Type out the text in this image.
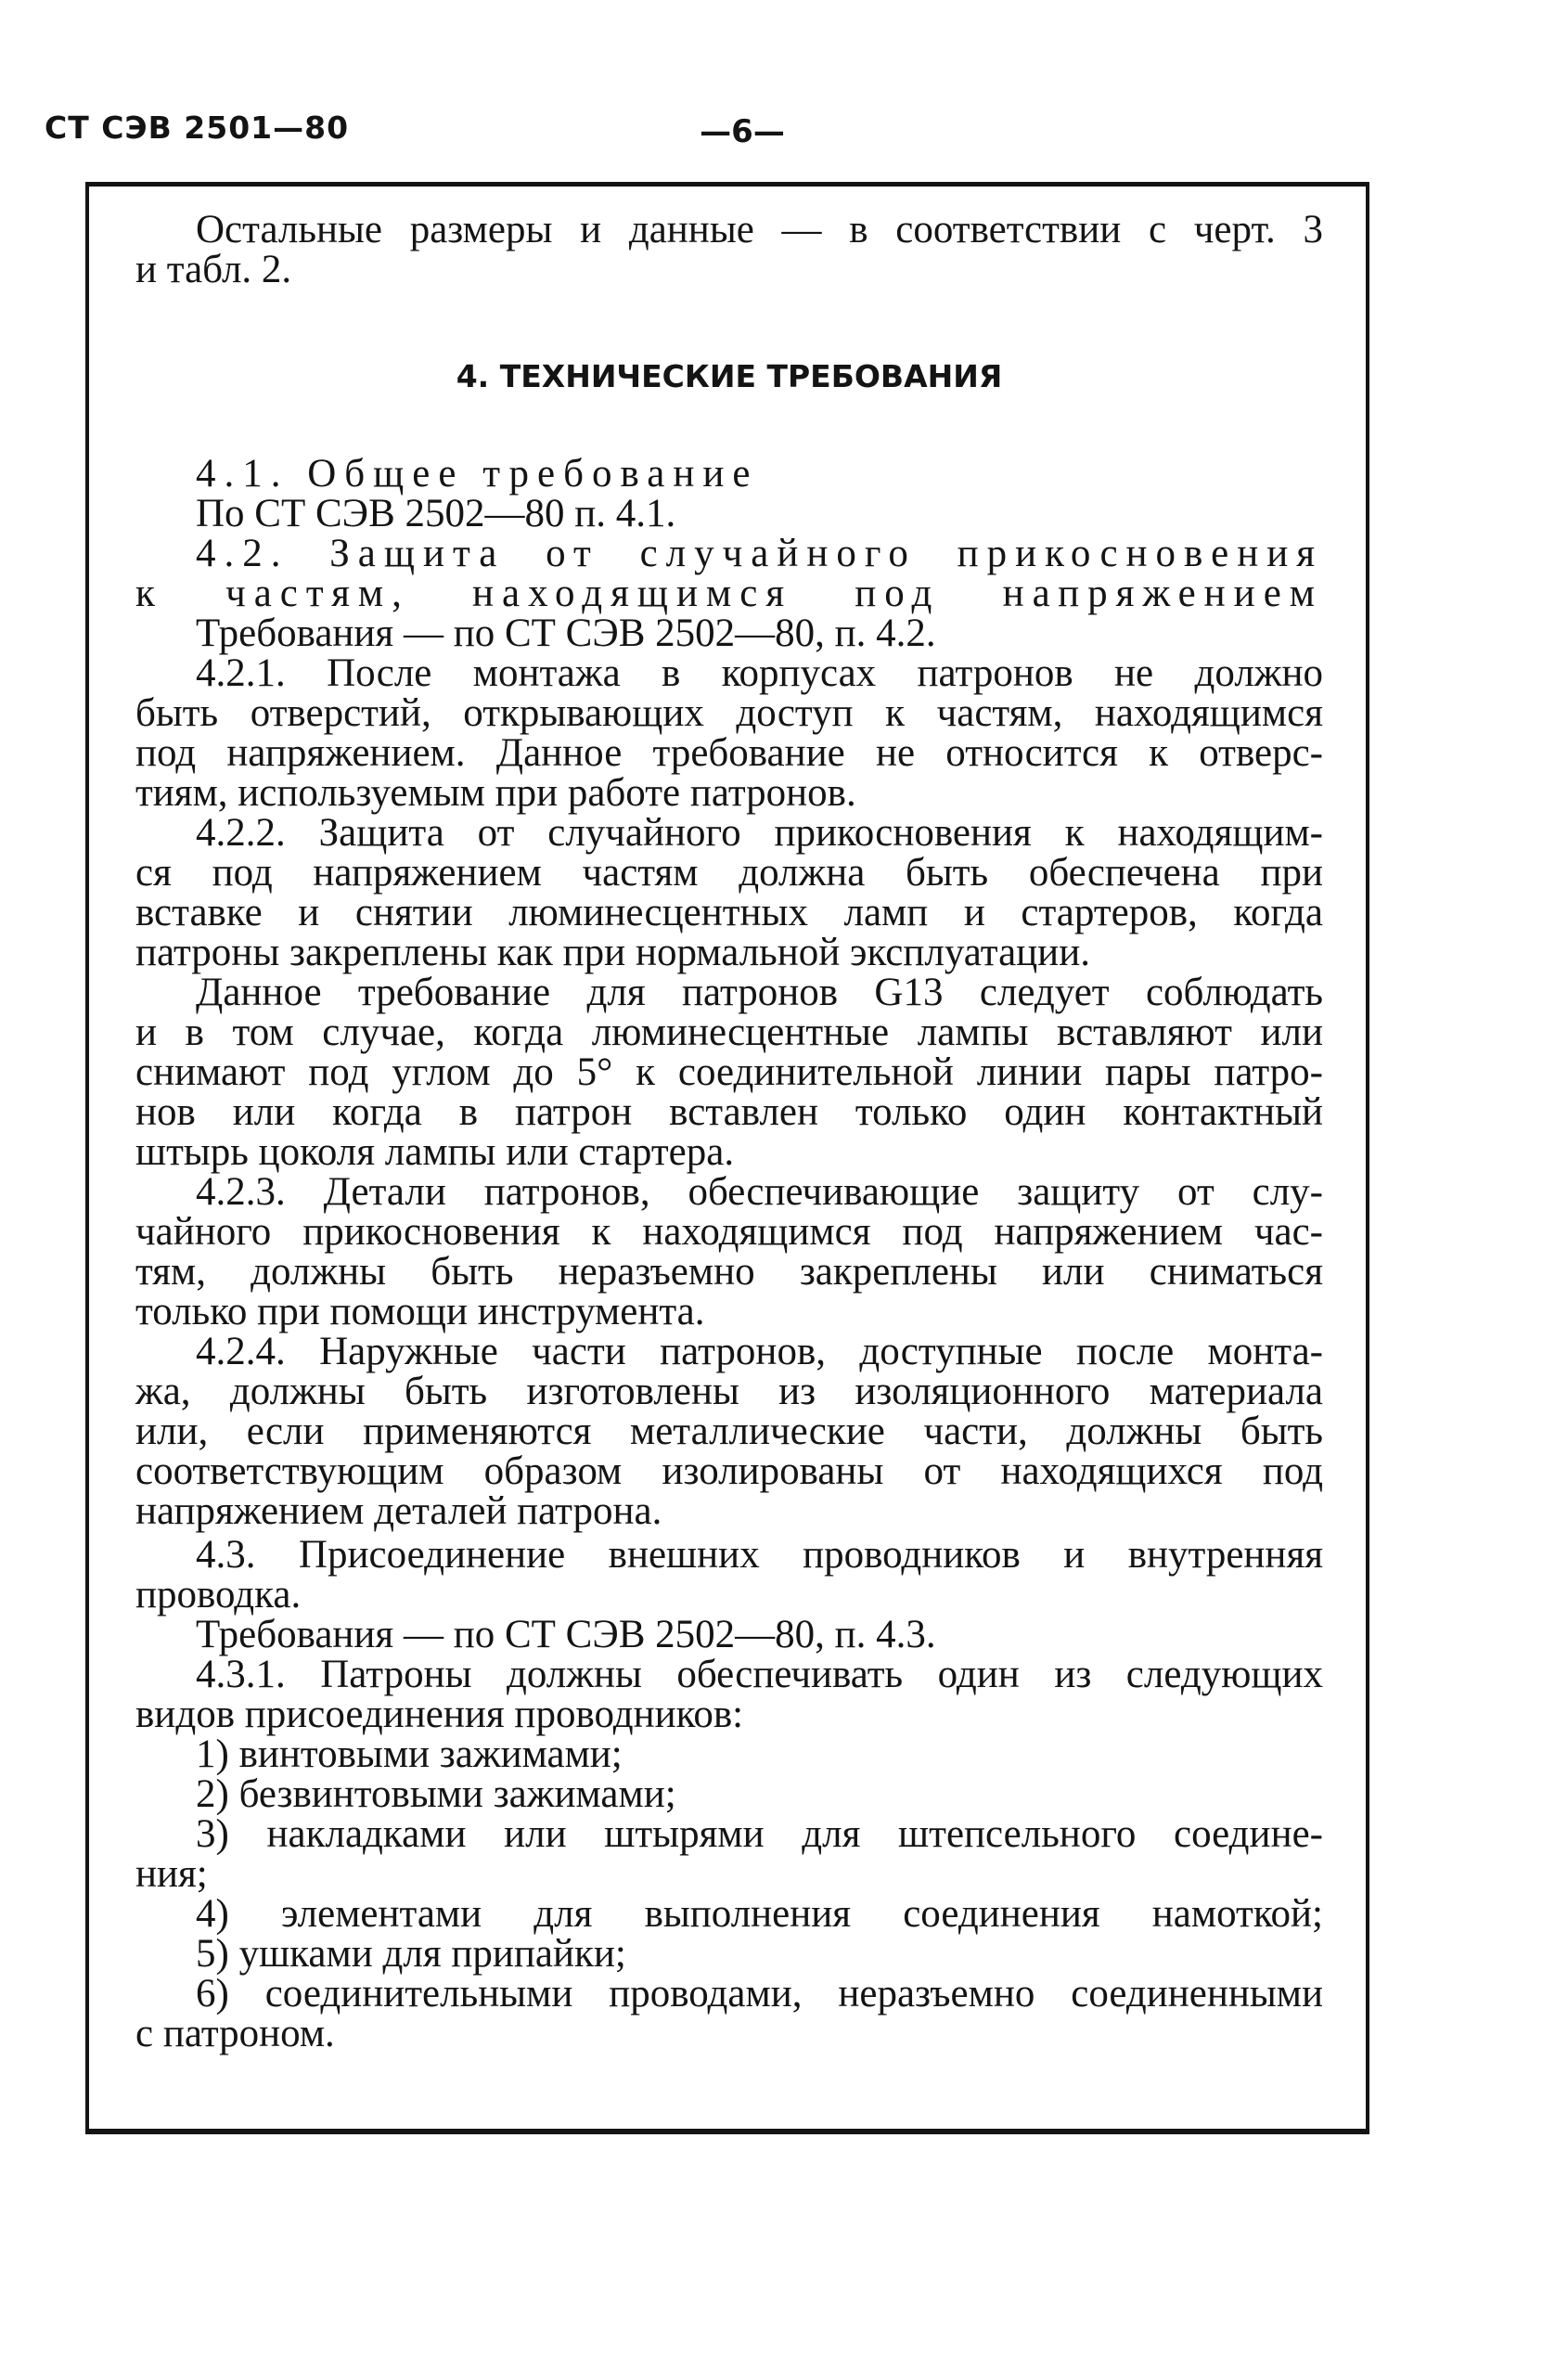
СТ СЭВ 2501—80	—6—
Остальные размеры и данные — в соответствии с черт. 3
и табл. 2.
4. ТЕХНИЧЕСКИЕ ТРЕБОВАНИЯ
4.1. Общее требование
По СТ СЭВ 2502—80 п. 4.1.
4.2. Защита от случайного прикосновения
к частям, находящимся под напряжением
Требования — по СТ СЭВ 2502—80, п. 4.2.
4.2.1. После монтажа в корпусах патронов не должно
быть отверстий, открывающих доступ к частям, находящимся
под напряжением. Данное требование не относится к отверс-
тиям, используемым при работе патронов.
4.2.2. Защита от случайного прикосновения к находящим-
ся под напряжением частям должна быть обеспечена при
вставке и снятии люминесцентных ламп и стартеров, когда
патроны закреплены как при нормальной эксплуатации.
Данное требование для патронов G13 следует соблюдать
и в том случае, когда люминесцентные лампы вставляют или
снимают под углом до 5° к соединительной линии пары патро-
нов или когда в патрон вставлен только один контактный
штырь цоколя лампы или стартера.
4.2.3. Детали патронов, обеспечивающие защиту от слу-
чайного прикосновения к находящимся под напряжением час-
тям, должны быть неразъемно закреплены или сниматься
только при помощи инструмента.
4.2.4. Наружные части патронов, доступные после монта-
жа, должны быть изготовлены из изоляционного материала
или, если применяются металлические части, должны быть
соответствующим образом изолированы от находящихся под
напряжением деталей патрона.
4.3. Присоединение внешних проводников и внутренняя
проводка.
Требования — по СТ СЭВ 2502—80, п. 4.3.
4.3.1. Патроны должны обеспечивать один из следующих
видов присоединения проводников:
1) винтовыми зажимами;
2) безвинтовыми зажимами;
3) накладками или штырями для штепсельного соедине-
ния;
4) элементами для выполнения соединения намоткой;
5) ушками для припайки;
6) соединительными проводами, неразъемно соединенными
с патроном.
